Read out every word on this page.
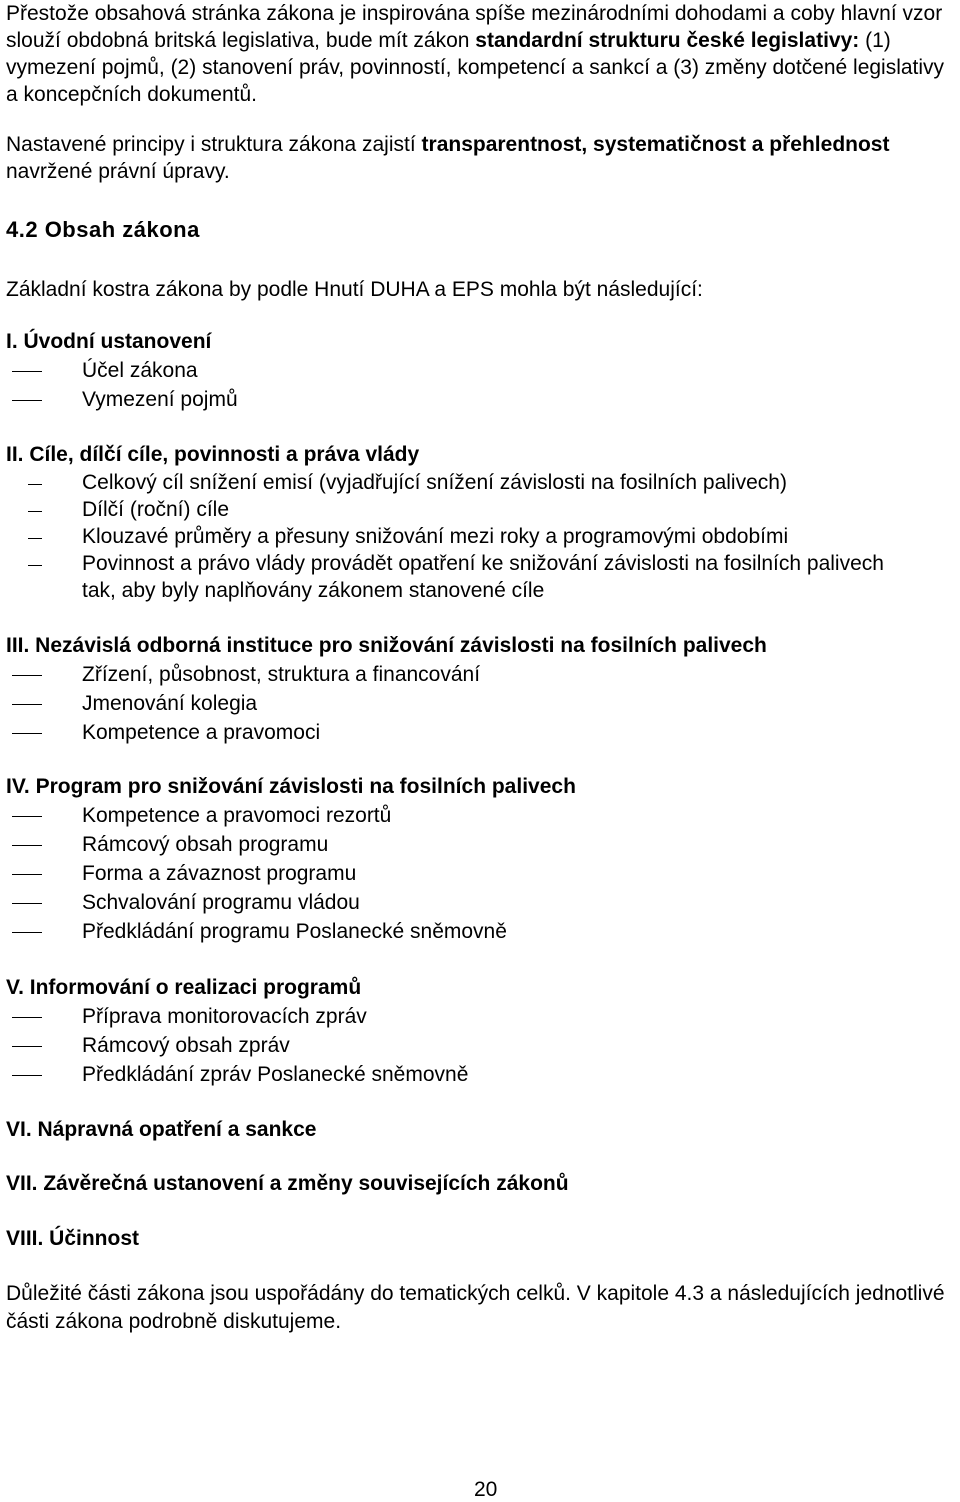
Přestože obsahová stránka zákona je inspirována spíše mezinárodními dohodami a coby hlavní vzor slouží obdobná britská legislativa, bude mít zákon standardní strukturu české legislativy: (1) vymezení pojmů, (2) stanovení práv, povinností, kompetencí a sankcí a (3) změny dotčené legislativy a koncepčních dokumentů.

Nastavené principy i struktura zákona zajistí transparentnost, systematičnost a přehlednost navržené právní úpravy.

4.2 Obsah zákona

Základní kostra zákona by podle Hnutí DUHA a EPS mohla být následující:

I. Úvodní ustanovení

Účel zákona

Vymezení pojmů

II. Cíle, dílčí cíle, povinnosti a práva vlády

Celkový cíl snížení emisí (vyjadřující snížení závislosti na fosilních palivech)

Dílčí (roční) cíle

Klouzavé průměry a přesuny snižování mezi roky a programovými obdobími

Povinnost a právo vlády provádět opatření ke snižování závislosti na fosilních palivech tak, aby byly naplňovány zákonem stanovené cíle

III. Nezávislá odborná instituce pro snižování závislosti na fosilních palivech

Zřízení, působnost, struktura a financování

Jmenování kolegia

Kompetence a pravomoci

IV. Program pro snižování závislosti na fosilních palivech

Kompetence a pravomoci rezortů

Rámcový obsah programu

Forma a závaznost programu

Schvalování programu vládou

Předkládání programu Poslanecké sněmovně

V. Informování o realizaci programů

Příprava monitorovacích zpráv

Rámcový obsah zpráv

Předkládání zpráv Poslanecké sněmovně

VI. Nápravná opatření a sankce

VII. Závěrečná ustanovení a změny souvisejících zákonů

VIII. Účinnost

Důležité části zákona jsou uspořádány do tematických celků. V kapitole 4.3 a následujících jednotlivé části zákona podrobně diskutujeme.

20
